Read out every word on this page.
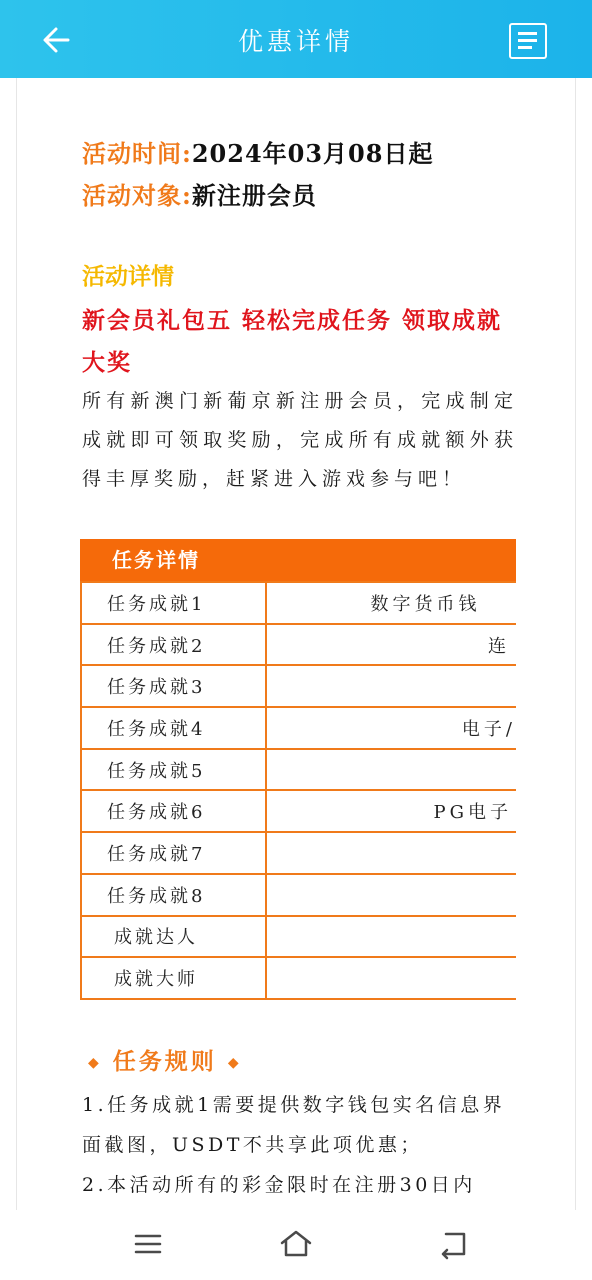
优惠详情
活动时间:2024年03月08日起
活动对象:新注册会员
活动详情
新会员礼包五 轻松完成任务 领取成就大奖
所有新澳门新葡京新注册会员，完成制定成就即可领取奖励，完成所有成就额外获得丰厚奖励，赶紧进入游戏参与吧！
任务详情
任务成就1	数字货币钱
任务成就2	连
任务成就3	
任务成就4	电子/
任务成就5	
任务成就6	PG电子
任务成就7	
任务成就8	
成就达人	
成就大师	
◆ 任务规则 ◆
1.任务成就1需要提供数字钱包实名信息界面截图，USDT不共享此项优惠；
2.本活动所有的彩金限时在注册30日内
